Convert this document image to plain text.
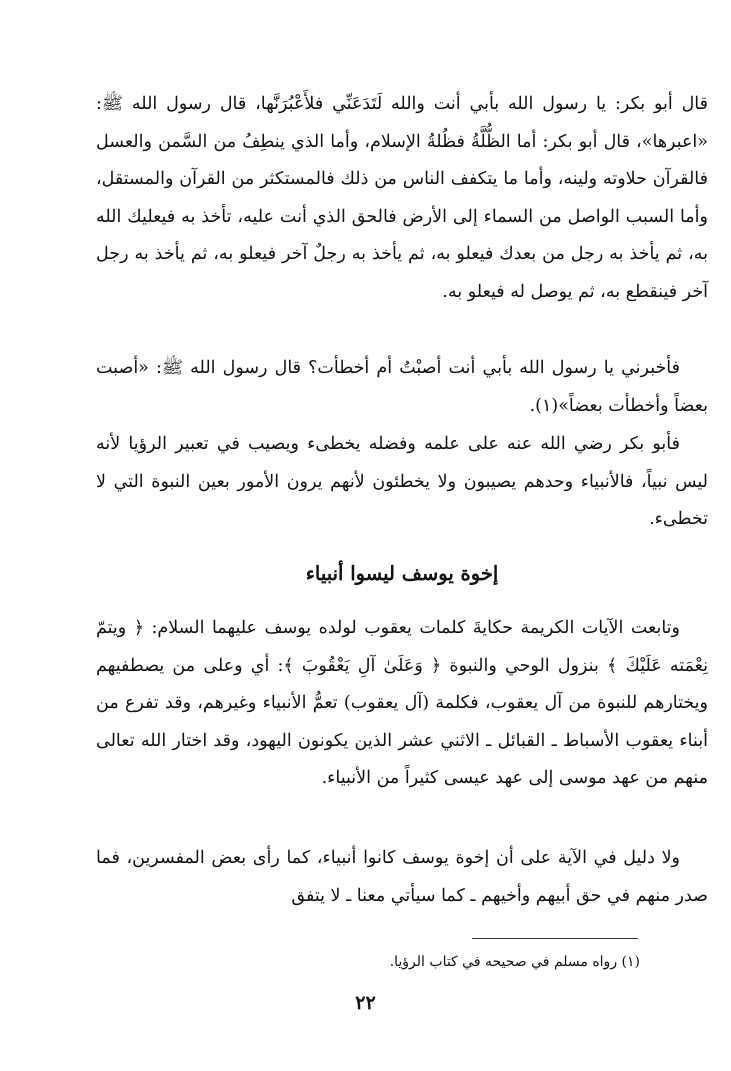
قال أبو بكر: يا رسول الله بأبي أنت والله لَتَدَعَنِّي فلأَعْبُرَنَّها، قال رسول الله ﷺ: «اعبرها»، قال أبو بكر: أما الظُّلَّةُ فظُلةُ الإسلام، وأما الذي ينطِفُ من السَّمن والعسل فالقرآن حلاوته ولينه، وأما ما يتكفف الناس من ذلك فالمستكثر من القرآن والمستقل، وأما السبب الواصل من السماء إلى الأرض فالحق الذي أنت عليه، تأخذ به فيعليك الله به، ثم يأخذ به رجل من بعدك فيعلو به، ثم يأخذ به رجلٌ آخر فيعلو به، ثم يأخذ به رجل آخر فينقطع به، ثم يوصل له فيعلو به.

فأخبرني يا رسول الله بأبي أنت أصبْتُ أم أخطأت؟ قال رسول الله ﷺ: «أصبت بعضاً وأخطأت بعضاً»(١).

فأبو بكر رضي الله عنه على علمه وفضله يخطىء ويصيب في تعبير الرؤيا لأنه ليس نبياً، فالأنبياء وحدهم يصيبون ولا يخطئون لأنهم يرون الأمور بعين النبوة التي لا تخطىء.

إخوة يوسف ليسوا أنبياء

وتابعت الآيات الكريمة حكايةَ كلمات يعقوب لولده يوسف عليهما السلام: ﴿ ويتمّ نِعْمَته عَلَيْكَ ﴾ بنزول الوحي والنبوة ﴿ وَعَلَىٰ آلِ يَعْقُوبَ ﴾: أي وعلى من يصطفيهم ويختارهم للنبوة من آل يعقوب، فكلمة (آل يعقوب) تعمُّ الأنبياء وغيرهم، وقد تفرع من أبناء يعقوب الأسباط ـ القبائل ـ الاثني عشر الذين يكونون اليهود، وقد اختار الله تعالى منهم من عهد موسى إلى عهد عيسى كثيراً من الأنبياء.

ولا دليل في الآية على أن إخوة يوسف كانوا أنبياء، كما رأى بعض المفسرين، فما صدر منهم في حق أبيهم وأخيهم ـ كما سيأتي معنا ـ لا يتفق

(١) رواه مسلم في صحيحه في كتاب الرؤيا.

٢٢
